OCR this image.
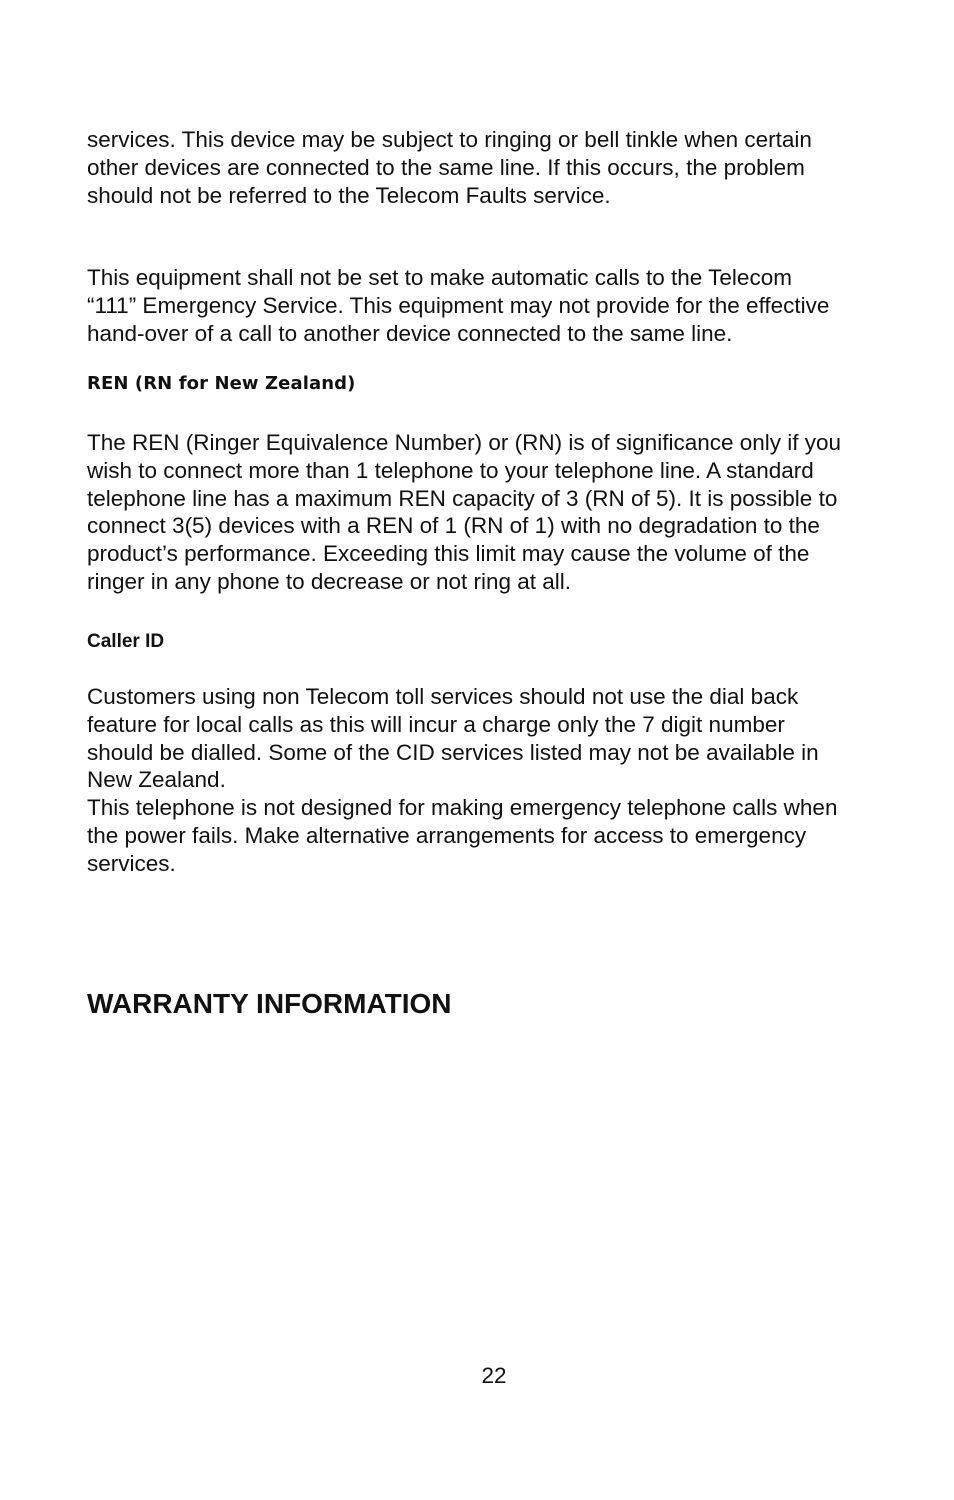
services. This device may be subject to ringing or bell tinkle when certain
other devices are connected to the same line. If this occurs, the problem
should not be referred to the Telecom Faults service.

This equipment shall not be set to make automatic calls to the Telecom
“111” Emergency Service. This equipment may not provide for the effective
hand-over of a call to another device connected to the same line.

REN (RN for New Zealand)

The REN (Ringer Equivalence Number) or (RN) is of significance only if you
wish to connect more than 1 telephone to your telephone line. A standard
telephone line has a maximum REN capacity of 3 (RN of 5). It is possible to
connect 3(5) devices with a REN of 1 (RN of 1) with no degradation to the
product’s performance. Exceeding this limit may cause the volume of the
ringer in any phone to decrease or not ring at all.

Caller ID

Customers using non Telecom toll services should not use the dial back
feature for local calls as this will incur a charge only the 7 digit number
should be dialled. Some of the CID services listed may not be available in
New Zealand.
This telephone is not designed for making emergency telephone calls when
the power fails. Make alternative arrangements for access to emergency
services.

WARRANTY INFORMATION
22
